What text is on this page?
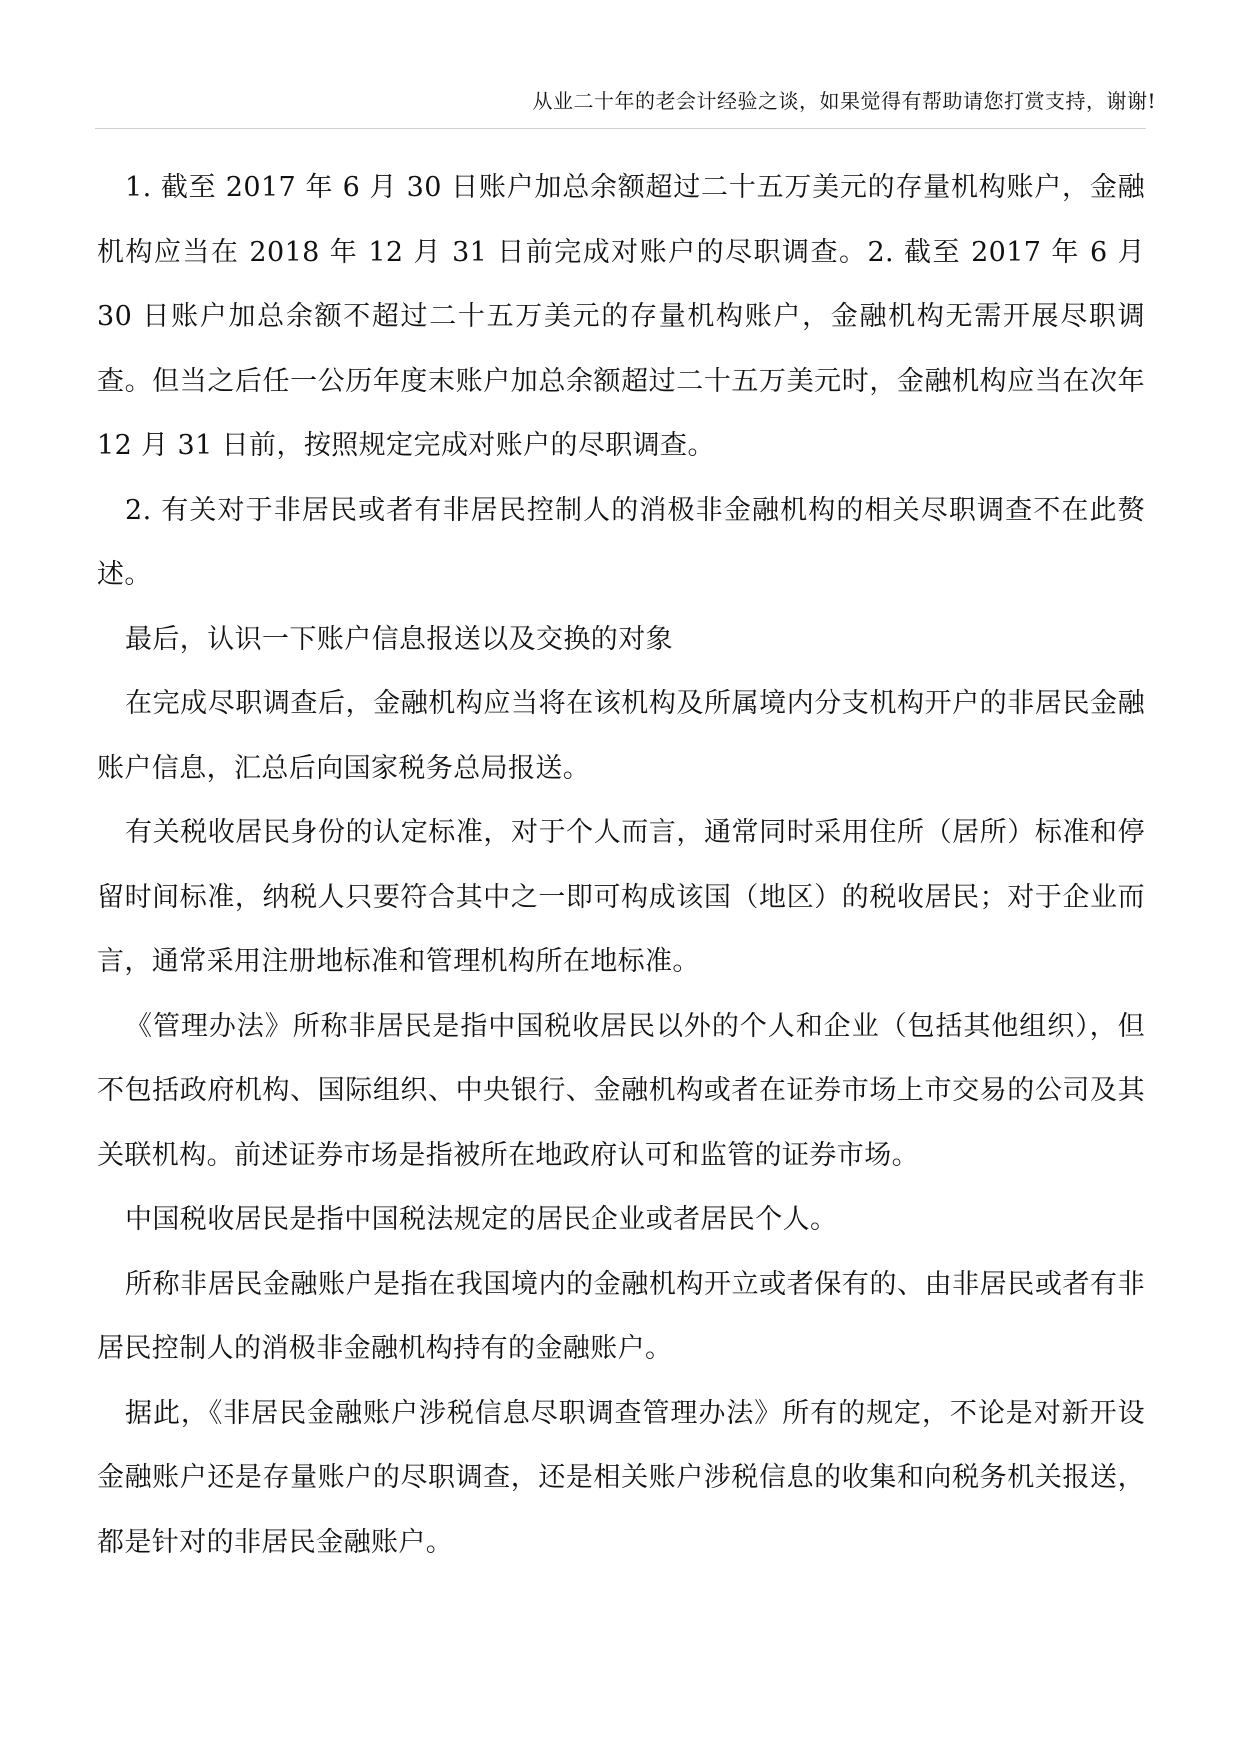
从业二十年的老会计经验之谈，如果觉得有帮助请您打赏支持，谢谢!

1. 截至 2017 年 6 月 30 日账户加总余额超过二十五万美元的存量机构账户，金融机构应当在 2018 年 12 月 31 日前完成对账户的尽职调查。2. 截至 2017 年 6 月 30 日账户加总余额不超过二十五万美元的存量机构账户，金融机构无需开展尽职调查。但当之后任一公历年度末账户加总余额超过二十五万美元时，金融机构应当在次年 12 月 31 日前，按照规定完成对账户的尽职调查。

2. 有关对于非居民或者有非居民控制人的消极非金融机构的相关尽职调查不在此赘述。

最后，认识一下账户信息报送以及交换的对象

在完成尽职调查后，金融机构应当将在该机构及所属境内分支机构开户的非居民金融账户信息，汇总后向国家税务总局报送。

有关税收居民身份的认定标准，对于个人而言，通常同时采用住所（居所）标准和停留时间标准，纳税人只要符合其中之一即可构成该国（地区）的税收居民；对于企业而言，通常采用注册地标准和管理机构所在地标准。

《管理办法》所称非居民是指中国税收居民以外的个人和企业（包括其他组织），但不包括政府机构、国际组织、中央银行、金融机构或者在证券市场上市交易的公司及其关联机构。前述证券市场是指被所在地政府认可和监管的证券市场。

中国税收居民是指中国税法规定的居民企业或者居民个人。

所称非居民金融账户是指在我国境内的金融机构开立或者保有的、由非居民或者有非居民控制人的消极非金融机构持有的金融账户。

据此，《非居民金融账户涉税信息尽职调查管理办法》所有的规定，不论是对新开设金融账户还是存量账户的尽职调查，还是相关账户涉税信息的收集和向税务机关报送，都是针对的非居民金融账户。
